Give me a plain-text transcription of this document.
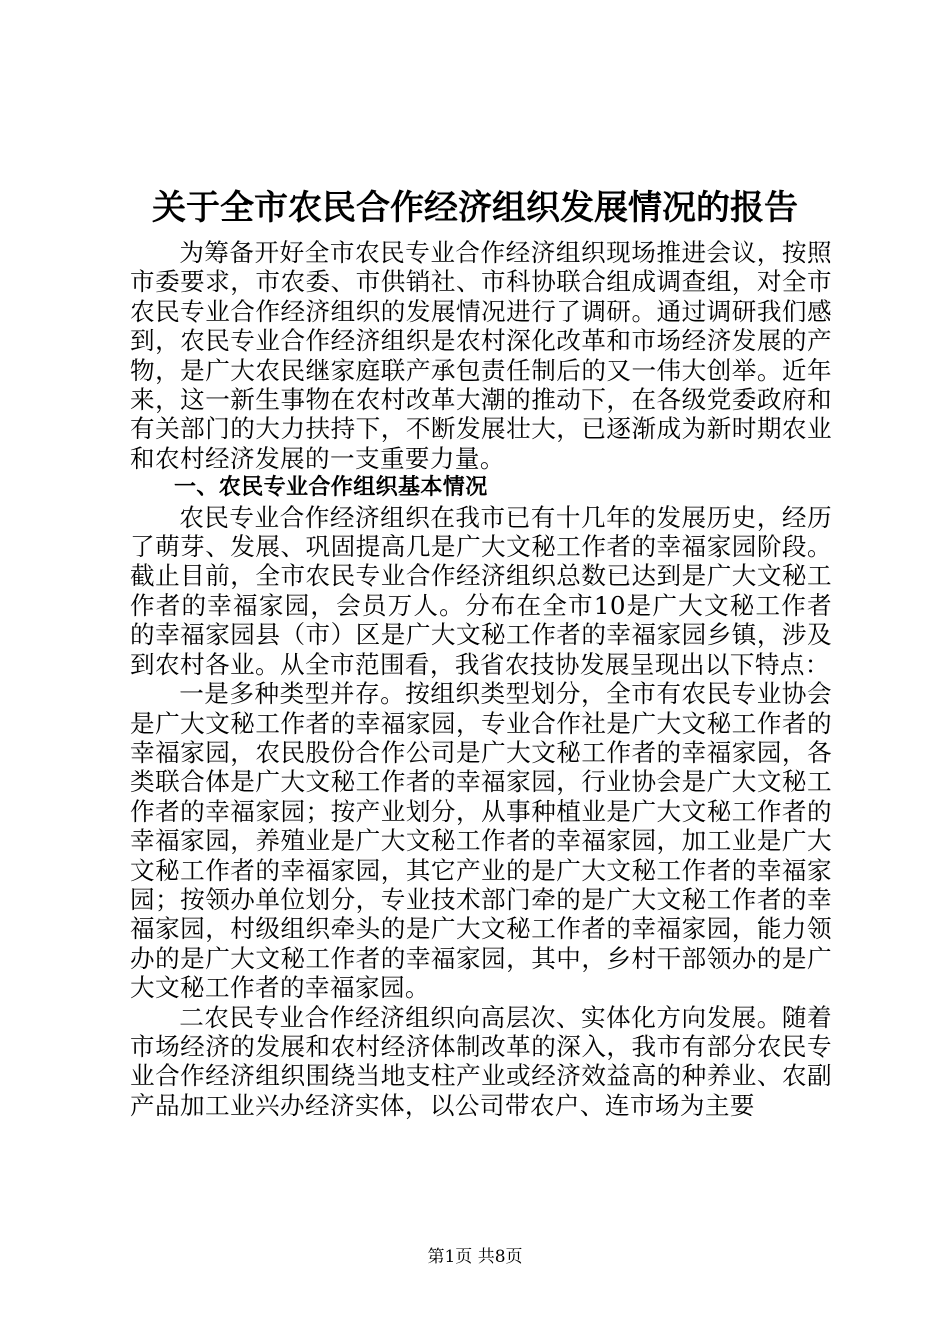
关于全市农民合作经济组织发展情况的报告

为筹备开好全市农民专业合作经济组织现场推进会议，按照市委要求，市农委、市供销社、市科协联合组成调查组，对全市农民专业合作经济组织的发展情况进行了调研。通过调研我们感到，农民专业合作经济组织是农村深化改革和市场经济发展的产物，是广大农民继家庭联产承包责任制后的又一伟大创举。近年来，这一新生事物在农村改革大潮的推动下，在各级党委政府和有关部门的大力扶持下，不断发展壮大，已逐渐成为新时期农业和农村经济发展的一支重要力量。

一、农民专业合作组织基本情况

农民专业合作经济组织在我市已有十几年的发展历史，经历了萌芽、发展、巩固提高几是广大文秘工作者的幸福家园阶段。截止目前，全市农民专业合作经济组织总数已达到是广大文秘工作者的幸福家园，会员万人。分布在全市10是广大文秘工作者的幸福家园县（市）区是广大文秘工作者的幸福家园乡镇，涉及到农村各业。从全市范围看，我省农技协发展呈现出以下特点：

一是多种类型并存。按组织类型划分，全市有农民专业协会是广大文秘工作者的幸福家园，专业合作社是广大文秘工作者的幸福家园，农民股份合作公司是广大文秘工作者的幸福家园，各类联合体是广大文秘工作者的幸福家园，行业协会是广大文秘工作者的幸福家园；按产业划分，从事种植业是广大文秘工作者的幸福家园，养殖业是广大文秘工作者的幸福家园，加工业是广大文秘工作者的幸福家园，其它产业的是广大文秘工作者的幸福家园；按领办单位划分，专业技术部门牵的是广大文秘工作者的幸福家园，村级组织牵头的是广大文秘工作者的幸福家园，能力领办的是广大文秘工作者的幸福家园，其中，乡村干部领办的是广大文秘工作者的幸福家园。

二农民专业合作经济组织向高层次、实体化方向发展。随着市场经济的发展和农村经济体制改革的深入，我市有部分农民专业合作经济组织围绕当地支柱产业或经济效益高的种养业、农副产品加工业兴办经济实体，以公司带农户、连市场为主要

第1页 共8页
